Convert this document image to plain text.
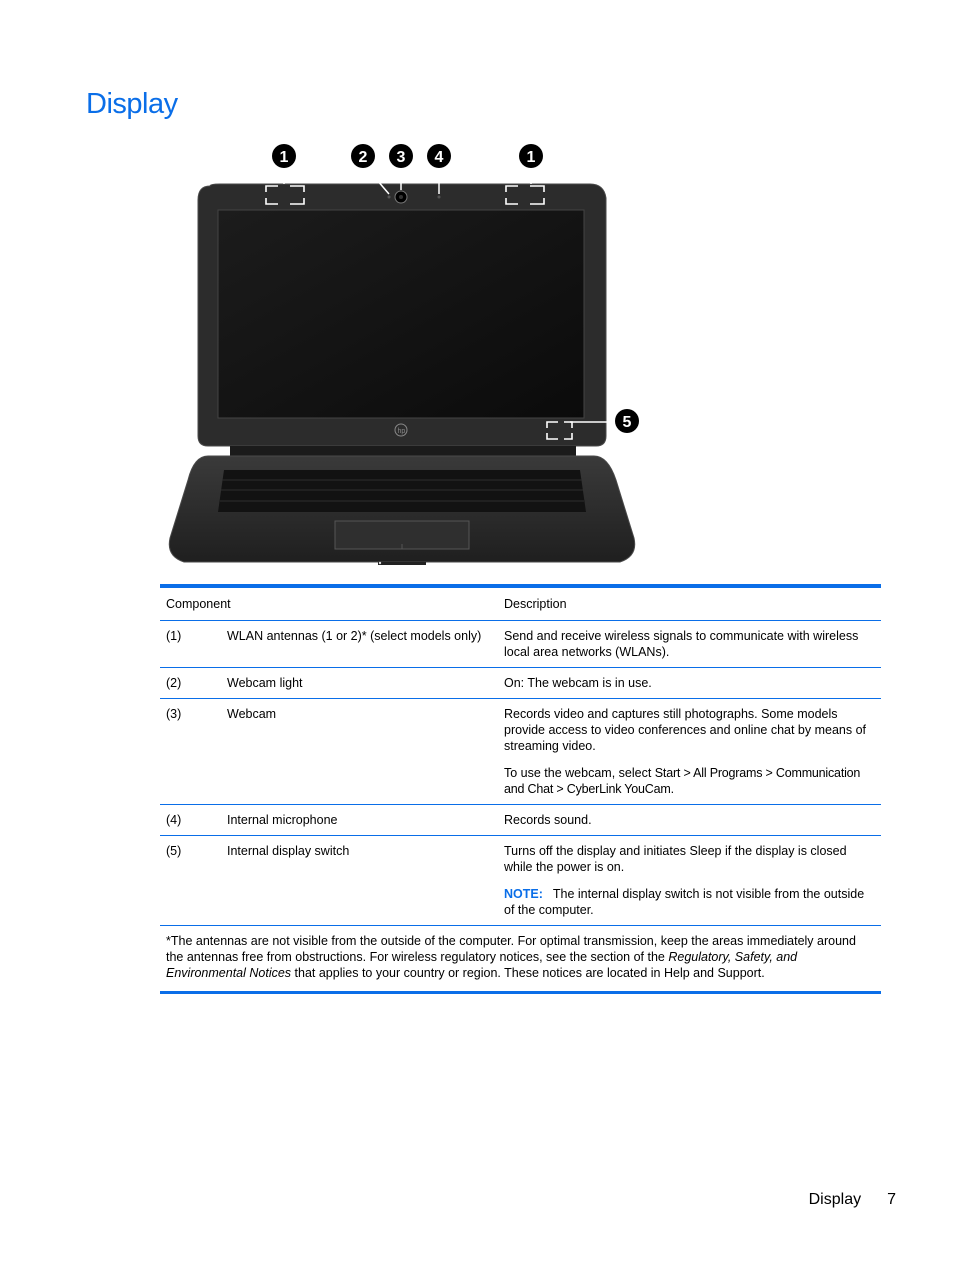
Display
hp
1	2 3 4	1
5
Component		Description
(1)	WLAN antennas (1 or 2)* (select models only)	Send and receive wireless signals to communicate with wireless local area networks (WLANs).
(2)	Webcam light	On: The webcam is in use.
(3)	Webcam	Records video and captures still photographs. Some models provide access to video conferences and online chat by means of streaming video.

To use the webcam, select Start > All Programs > Communication and Chat > CyberLink YouCam.

(4)	Internal microphone	Records sound.
(5)	Internal display switch	Turns off the display and initiates Sleep if the display is closed while the power is on.

NOTE: The internal display switch is not visible from the outside of the computer.

*The antennas are not visible from the outside of the computer. For optimal transmission, keep the areas immediately around the antennas free from obstructions. For wireless regulatory notices, see the section of the Regulatory, Safety, and Environmental Notices that applies to your country or region. These notices are located in Help and Support.		
Display 7
